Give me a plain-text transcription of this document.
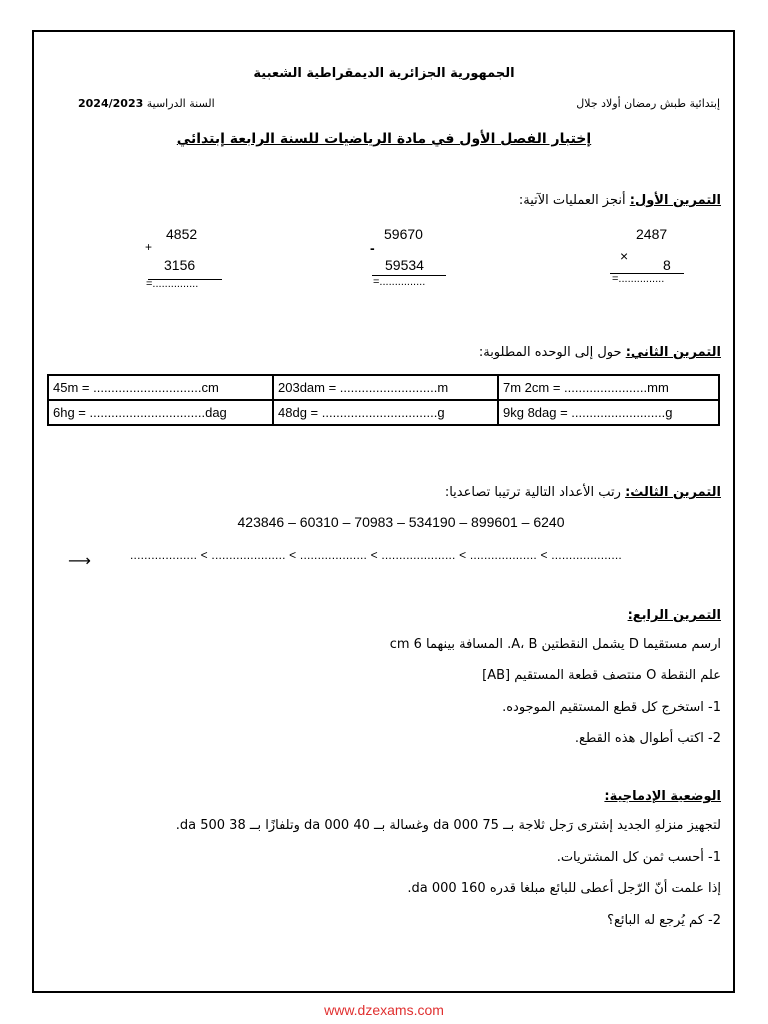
الجمهورية الجزائرية الديمقراطية الشعبية
إبتدائية طبش رمضان أولاد جلال
السنة الدراسية 2024/2023
إختبار الفصل الأول في مادة الرياضيات للسنة الرابعة إبتدائي
التمرين الأول: أنجز العمليات الآتية:
2487
×
8
=...............
59670
-
59534
=...............
4852
+
3156
=...............
التمرين الثاني: حول إلى الوحده المطلوبة:
45m = ..............................cm	203dam = ...........................m	7m 2cm = .......................mm
6hg = ................................dag	48dg = ................................g	9kg 8dag = ..........................g
التمرين الثالث: رتب الأعداد التالية ترتيبا تصاعديا:
423846 – 60310 – 70983 – 534190 – 899601 – 6240
⟶	................... < ..................... < ................... < ..................... < ................... < ....................
التمرين الرابع:
ارسم مستقيما D يشمل النقطتين A، B. المسافة بينهما 6 cm
علم النقطة O منتصف قطعة المستقيم [AB]
1- استخرج كل قطع المستقيم الموجوده.
2- اكتب أطوال هذه القطع.
الوضعية الإدماجية:
لتجهيز منزلهِ الجديد إشترى رَجل ثلاجة بــ 75 000 da وغسالة بــ 40 000 da وتلفازًا بــ 38 500 da.
1- أحسب ثمن كل المشتريات.
إذا علمت أنّ الرّجل أعطى للبائع مبلغا قدره 160 000 da.
2- كم يُرجع له البائع؟
www.dzexams.com
